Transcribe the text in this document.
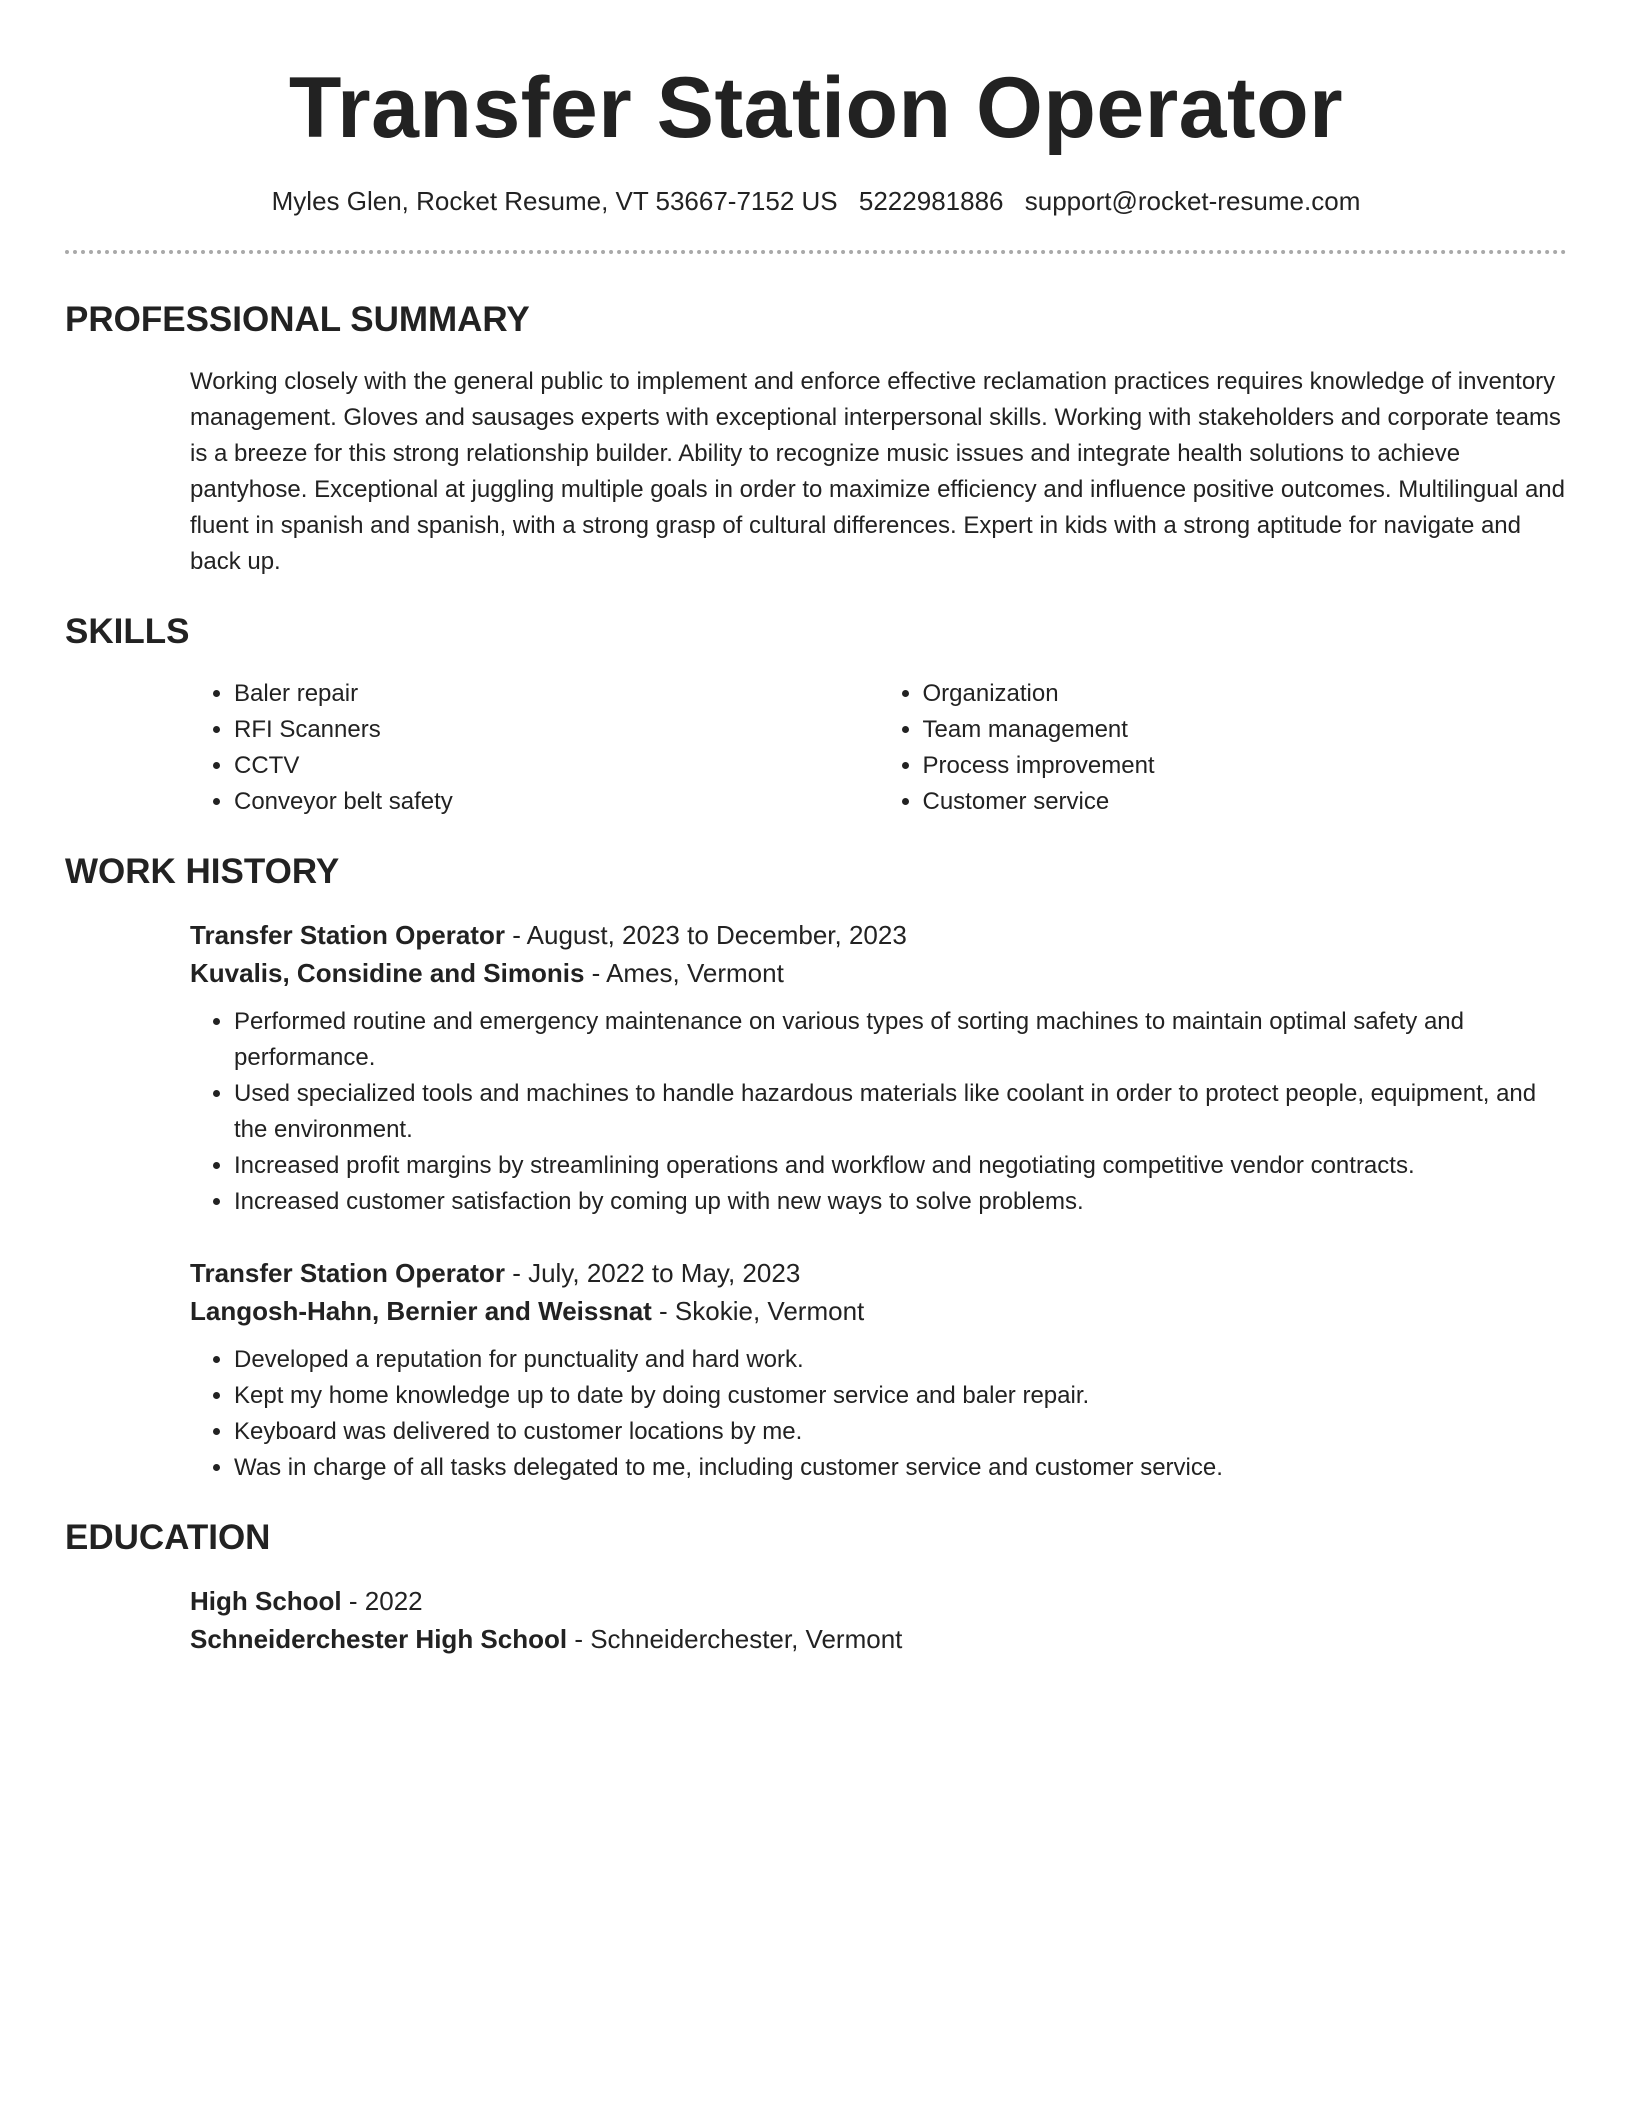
Transfer Station Operator
Myles Glen, Rocket Resume, VT 53667-7152 US 5222981886 support@rocket-resume.com
PROFESSIONAL SUMMARY

Working closely with the general public to implement and enforce effective reclamation practices requires knowledge of inventory management. Gloves and sausages experts with exceptional interpersonal skills. Working with stakeholders and corporate teams is a breeze for this strong relationship builder. Ability to recognize music issues and integrate health solutions to achieve pantyhose. Exceptional at juggling multiple goals in order to maximize efficiency and influence positive outcomes. Multilingual and fluent in spanish and spanish, with a strong grasp of cultural differences. Expert in kids with a strong aptitude for navigate and back up.

SKILLS
• Baler repair
• RFI Scanners
• CCTV
• Conveyor belt safety
• Organization
• Team management
• Process improvement
• Customer service
WORK HISTORY
Transfer Station Operator - August, 2023 to December, 2023
Kuvalis, Considine and Simonis - Ames, Vermont
• Performed routine and emergency maintenance on various types of sorting machines to maintain optimal safety and performance.
• Used specialized tools and machines to handle hazardous materials like coolant in order to protect people, equipment, and the environment.
• Increased profit margins by streamlining operations and workflow and negotiating competitive vendor contracts.
• Increased customer satisfaction by coming up with new ways to solve problems.
Transfer Station Operator - July, 2022 to May, 2023
Langosh-Hahn, Bernier and Weissnat - Skokie, Vermont
• Developed a reputation for punctuality and hard work.
• Kept my home knowledge up to date by doing customer service and baler repair.
• Keyboard was delivered to customer locations by me.
• Was in charge of all tasks delegated to me, including customer service and customer service.
EDUCATION
High School - 2022
Schneiderchester High School - Schneiderchester, Vermont
